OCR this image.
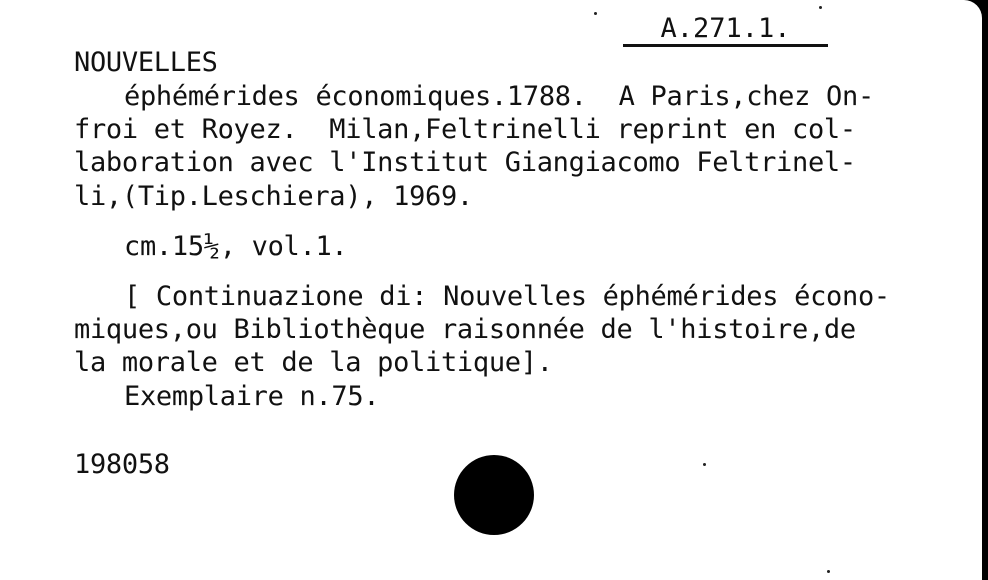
A.271.1.
NOUVELLES
éphémérides économiques.1788.  A Paris,chez On-
froi et Royez.  Milan,Feltrinelli reprint en col-
laboration avec l'Institut Giangiacomo Feltrinel-
li,(Tip.Leschiera), 1969.
cm.15½, vol.1.
[ Continuazione di: Nouvelles éphémérides écono-
miques,ou Bibliothèque raisonnée de l'histoire,de
la morale et de la politique].
Exemplaire n.75.
198058
